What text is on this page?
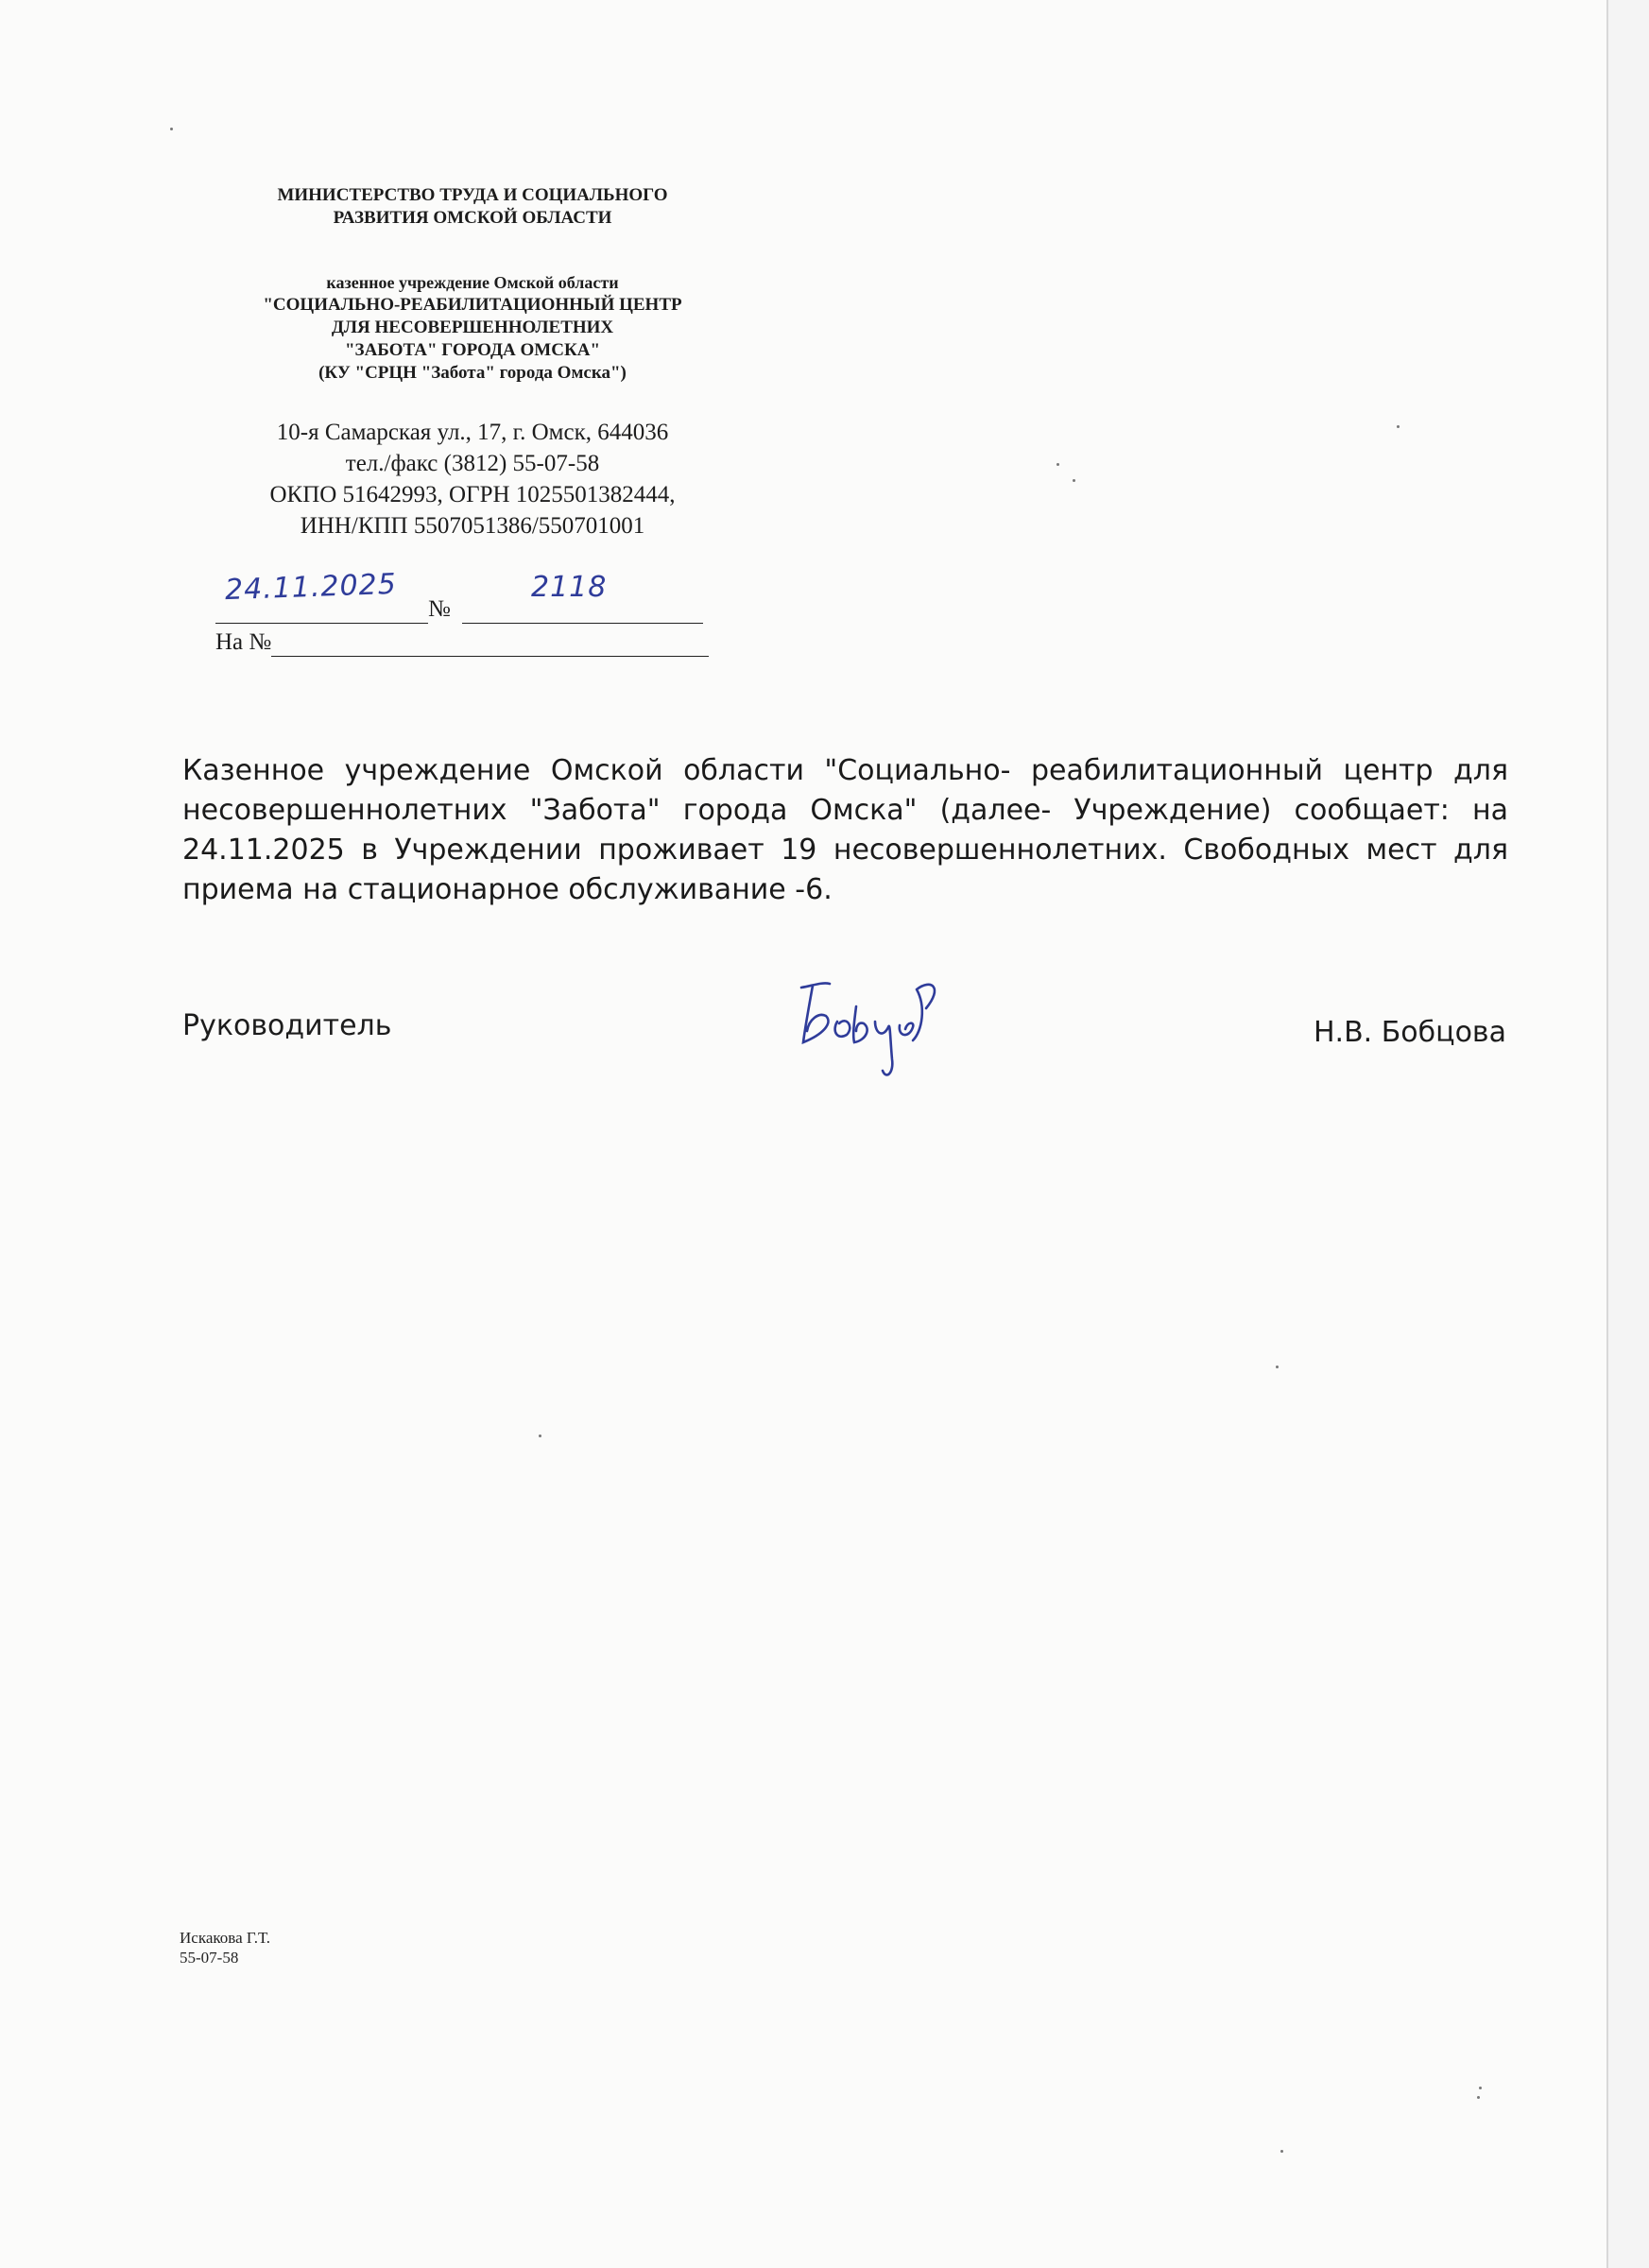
МИНИСТЕРСТВО ТРУДА И СОЦИАЛЬНОГО
РАЗВИТИЯ ОМСКОЙ ОБЛАСТИ
казенное учреждение Омской области
"СОЦИАЛЬНО-РЕАБИЛИТАЦИОННЫЙ ЦЕНТР
ДЛЯ НЕСОВЕРШЕННОЛЕТНИХ
"ЗАБОТА" ГОРОДА ОМСКА"
(КУ "СРЦН "Забота" города Омска")
10-я Самарская ул., 17, г. Омск, 644036
тел./факс (3812) 55-07-58
ОКПО 51642993, ОГРН 1025501382444,
ИНН/КПП 5507051386/550701001
№
24.11.2025	2118
На №
Казенное учреждение Омской области "Социально- реабилитационный центр для несовершеннолетних "Забота" города Омска" (далее- Учреждение) сообщает: на 24.11.2025 в Учреждении проживает 19 несовершеннолетних. Свободных мест для приема на стационарное обслуживание -6.
Руководитель	Н.В. Бобцова
Искакова Г.Т.
55-07-58
